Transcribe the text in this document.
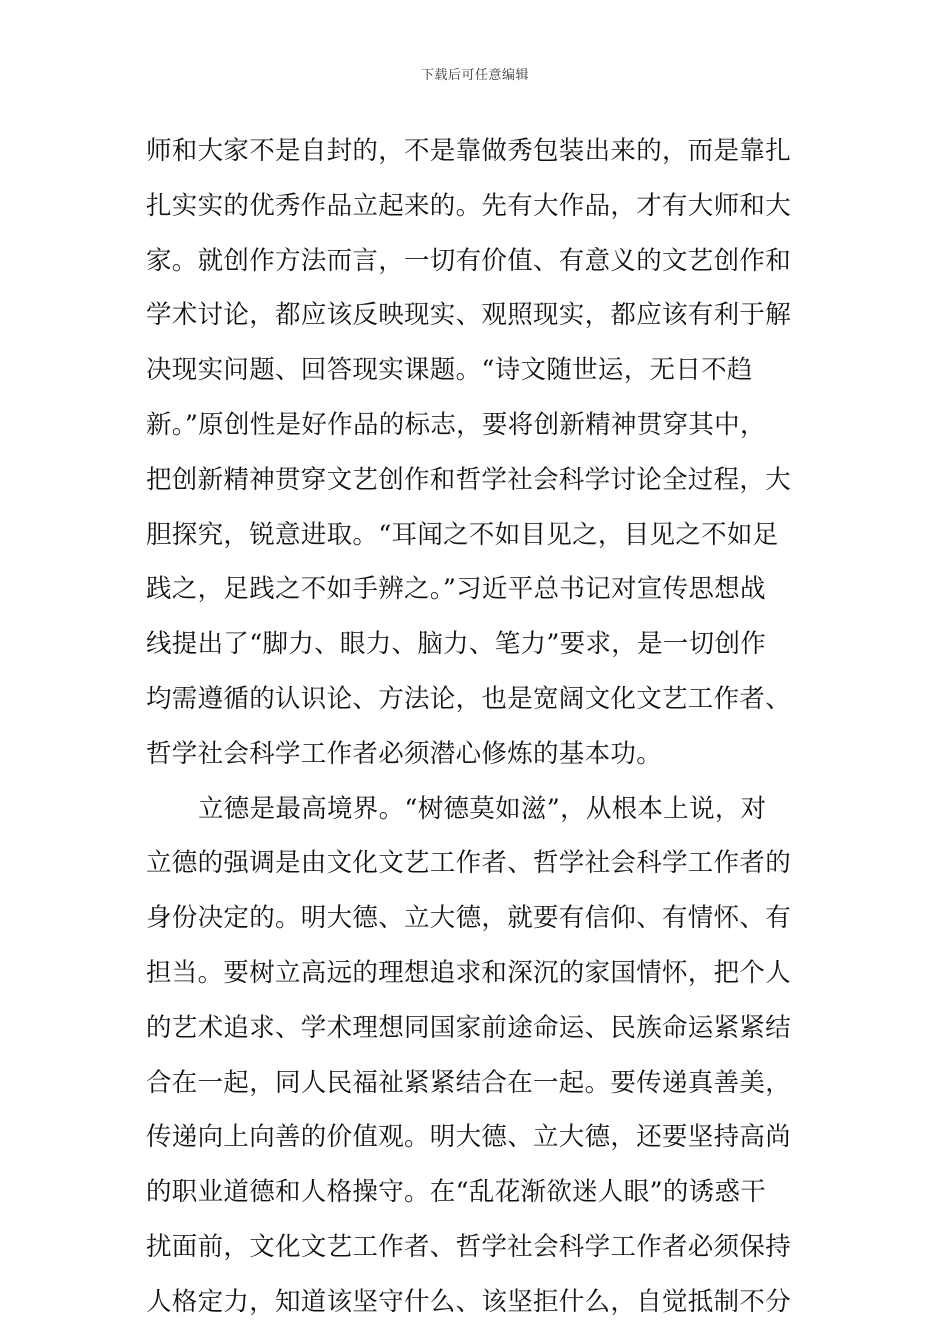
下载后可任意编辑
师和大家不是自封的，不是靠做秀包装出来的，而是靠扎
扎实实的优秀作品立起来的。先有大作品，才有大师和大
家。就创作方法而言，一切有价值、有意义的文艺创作和
学术讨论，都应该反映现实、观照现实，都应该有利于解
决现实问题、回答现实课题。“诗文随世运，无日不趋
新。”原创性是好作品的标志，要将创新精神贯穿其中，
把创新精神贯穿文艺创作和哲学社会科学讨论全过程，大
胆探究，锐意进取。“耳闻之不如目见之，目见之不如足
践之，足践之不如手辨之。”习近平总书记对宣传思想战
线提出了“脚力、眼力、脑力、笔力”要求，是一切创作
均需遵循的认识论、方法论，也是宽阔文化文艺工作者、
哲学社会科学工作者必须潜心修炼的基本功。
立德是最高境界。“树德莫如滋”，从根本上说，对
立德的强调是由文化文艺工作者、哲学社会科学工作者的
身份决定的。明大德、立大德，就要有信仰、有情怀、有
担当。要树立高远的理想追求和深沉的家国情怀，把个人
的艺术追求、学术理想同国家前途命运、民族命运紧紧结
合在一起，同人民福祉紧紧结合在一起。要传递真善美，
传递向上向善的价值观。明大德、立大德，还要坚持高尚
的职业道德和人格操守。在“乱花渐欲迷人眼”的诱惑干
扰面前，文化文艺工作者、哲学社会科学工作者必须保持
人格定力，知道该坚守什么、该坚拒什么，自觉抵制不分
